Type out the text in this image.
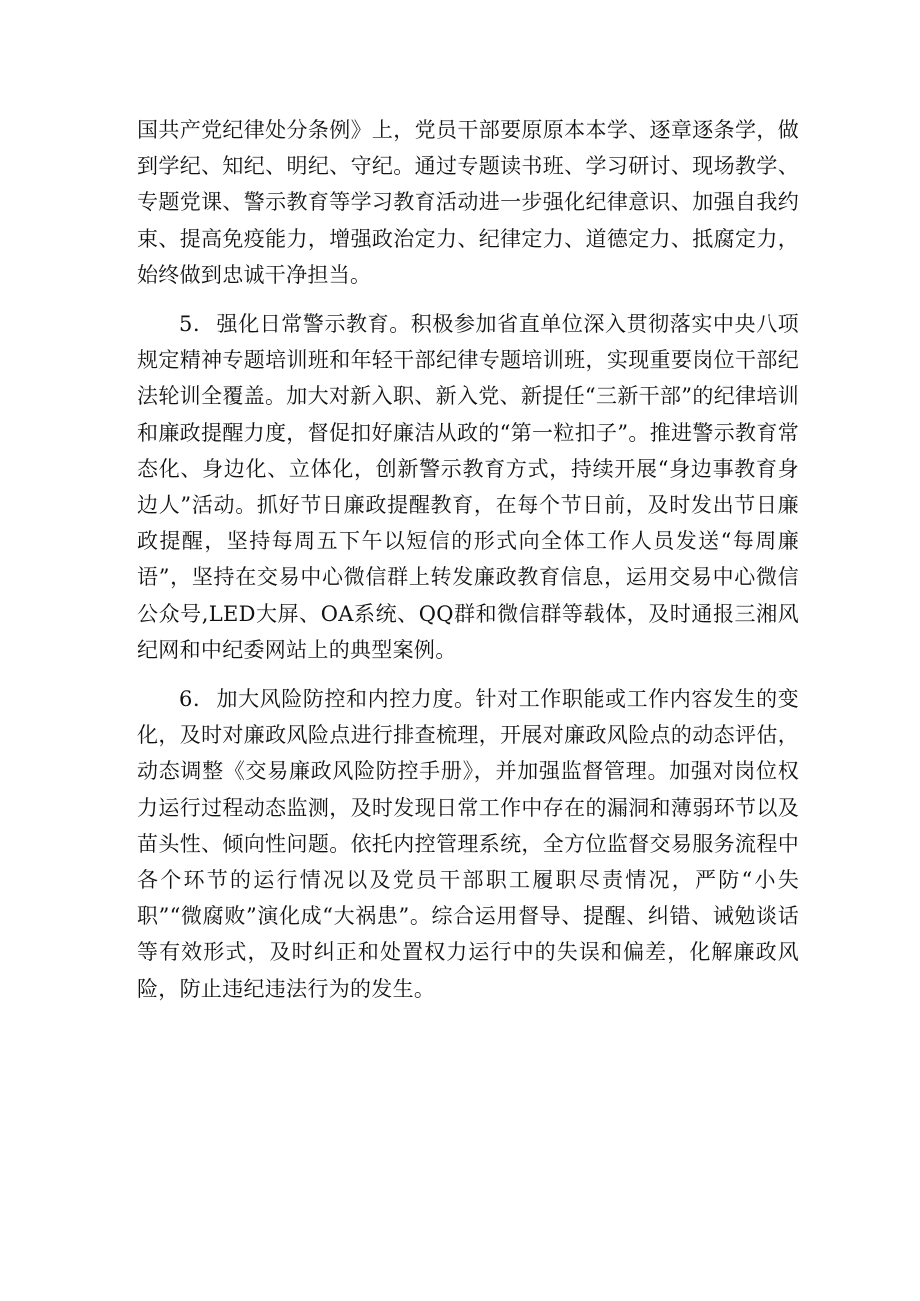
国共产党纪律处分条例》上，党员干部要原原本本学、逐章逐条学，做到学纪、知纪、明纪、守纪。通过专题读书班、学习研讨、现场教学、专题党课、警示教育等学习教育活动进一步强化纪律意识、加强自我约束、提高免疫能力，增强政治定力、纪律定力、道德定力、抵腐定力，始终做到忠诚干净担当。

5．强化日常警示教育。积极参加省直单位深入贯彻落实中央八项规定精神专题培训班和年轻干部纪律专题培训班，实现重要岗位干部纪法轮训全覆盖。加大对新入职、新入党、新提任“三新干部”的纪律培训和廉政提醒力度，督促扣好廉洁从政的“第一粒扣子”。推进警示教育常态化、身边化、立体化，创新警示教育方式，持续开展“身边事教育身边人”活动。抓好节日廉政提醒教育，在每个节日前，及时发出节日廉政提醒，坚持每周五下午以短信的形式向全体工作人员发送“每周廉语”，坚持在交易中心微信群上转发廉政教育信息，运用交易中心微信公众号,LED大屏、OA系统、QQ群和微信群等载体，及时通报三湘风纪网和中纪委网站上的典型案例。

6．加大风险防控和内控力度。针对工作职能或工作内容发生的变化，及时对廉政风险点进行排查梳理，开展对廉政风险点的动态评估，动态调整《交易廉政风险防控手册》，并加强监督管理。加强对岗位权力运行过程动态监测，及时发现日常工作中存在的漏洞和薄弱环节以及苗头性、倾向性问题。依托内控管理系统，全方位监督交易服务流程中各个环节的运行情况以及党员干部职工履职尽责情况，严防“小失职”“微腐败”演化成“大祸患”。综合运用督导、提醒、纠错、诫勉谈话等有效形式，及时纠正和处置权力运行中的失误和偏差，化解廉政风险，防止违纪违法行为的发生。
